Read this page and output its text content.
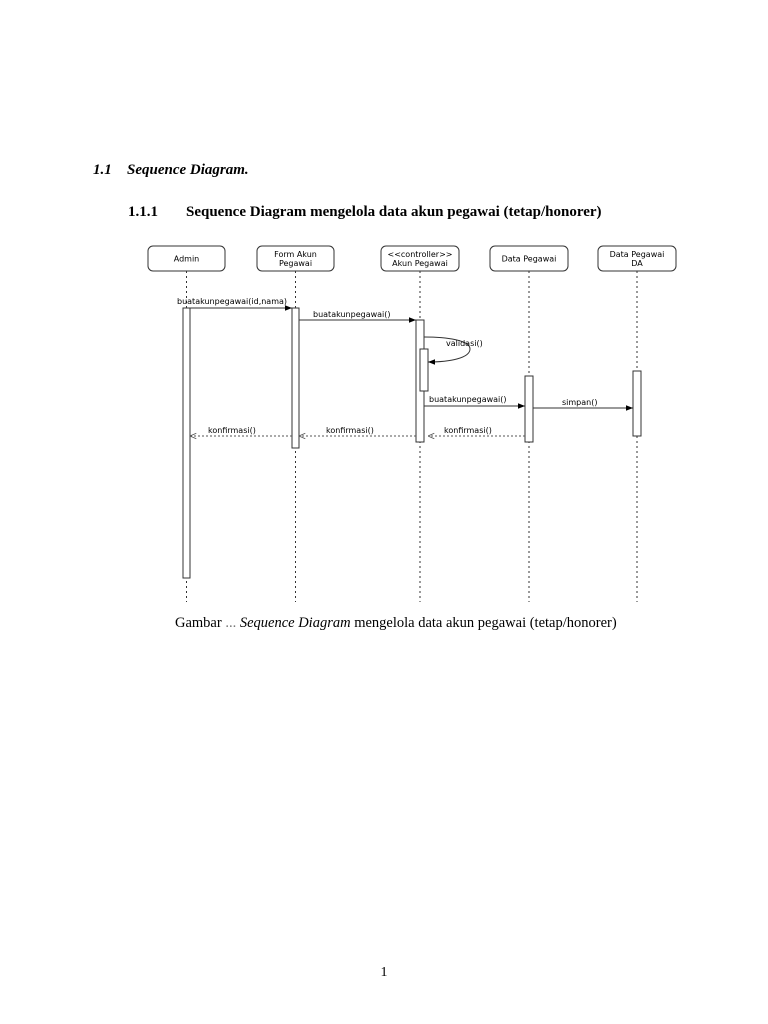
1.1 Sequence Diagram.
1.1.1 Sequence Diagram mengelola data akun pegawai (tetap/honorer)
Admin	Form Akun
Pegawai
<<controller>>
Akun Pegawai	Data Pegawai	Data Pegawai
DA
buatakunpegawai(id,nama)
buatakunpegawai()
validasi()
buatakunpegawai()	simpan()
konfirmasi()
konfirmasi()
konfirmasi()
Gambar ... Sequence Diagram mengelola data akun pegawai (tetap/honorer)
1
